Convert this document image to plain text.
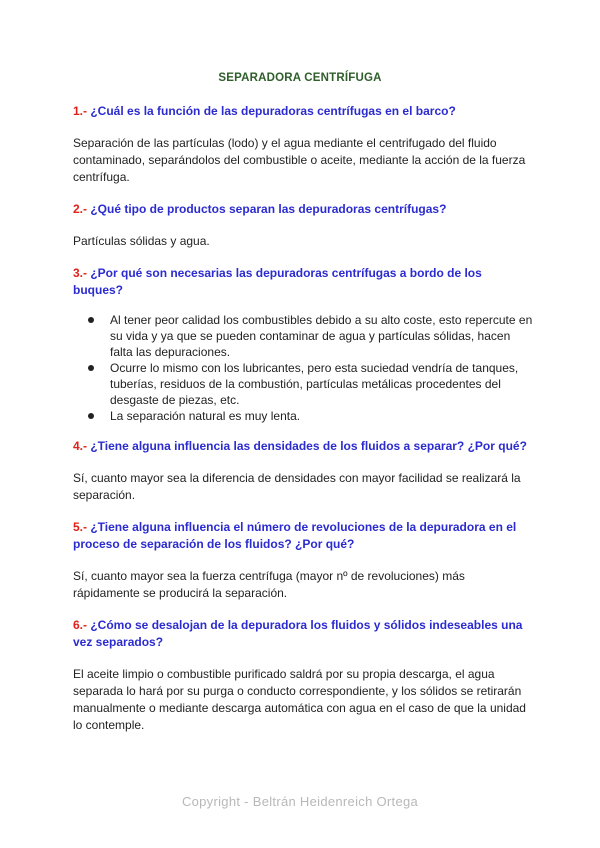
SEPARADORA CENTRÍFUGA

1.- ¿Cuál es la función de las depuradoras centrífugas en el barco?

Separación de las partículas (lodo) y el agua mediante el centrifugado del fluido contaminado, separándolos del combustible o aceite, mediante la acción de la fuerza centrífuga.

2.- ¿Qué tipo de productos separan las depuradoras centrífugas?

Partículas sólidas y agua.

3.- ¿Por qué son necesarias las depuradoras centrífugas a bordo de los buques?

Al tener peor calidad los combustibles debido a su alto coste, esto repercute en su vida y ya que se pueden contaminar de agua y partículas sólidas, hacen falta las depuraciones.
Ocurre lo mismo con los lubricantes, pero esta suciedad vendría de tanques, tuberías, residuos de la combustión, partículas metálicas procedentes del desgaste de piezas, etc.
La separación natural es muy lenta.

4.- ¿Tiene alguna influencia las densidades de los fluidos a separar? ¿Por qué?

Sí, cuanto mayor sea la diferencia de densidades con mayor facilidad se realizará la separación.

5.- ¿Tiene alguna influencia el número de revoluciones de la depuradora en el proceso de separación de los fluidos? ¿Por qué?

Sí, cuanto mayor sea la fuerza centrífuga (mayor nº de revoluciones) más rápidamente se producirá la separación.

6.- ¿Cómo se desalojan de la depuradora los fluidos y sólidos indeseables una vez separados?

El aceite limpio o combustible purificado saldrá por su propia descarga, el agua separada lo hará por su purga o conducto correspondiente, y los sólidos se retirarán manualmente o mediante descarga automática con agua en el caso de que la unidad lo contemple.

Copyright - Beltrán Heidenreich Ortega
